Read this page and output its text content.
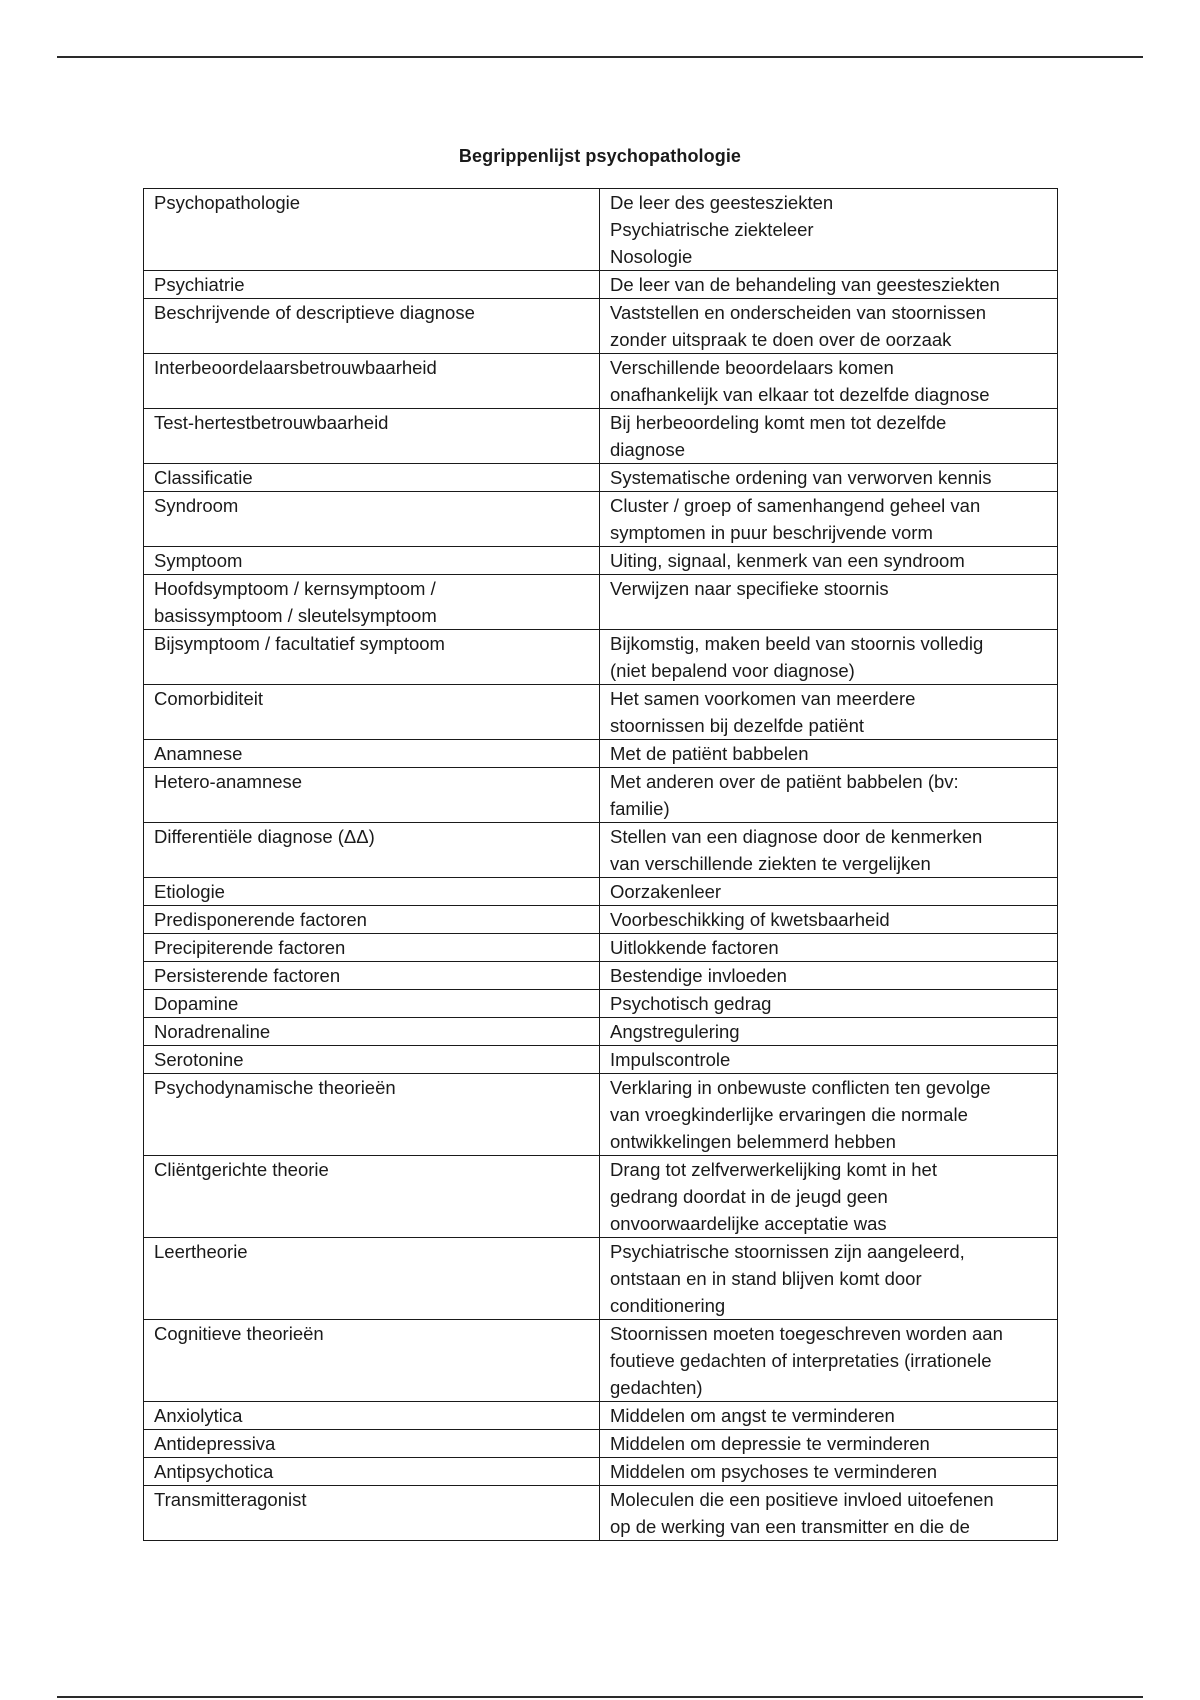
Begrippenlijst psychopathologie
Psychopathologie	De leer des geestesziekten
Psychiatrische ziekteleer
Nosologie
Psychiatrie	De leer van de behandeling van geestesziekten
Beschrijvende of descriptieve diagnose	Vaststellen en onderscheiden van stoornissen
zonder uitspraak te doen over de oorzaak
Interbeoordelaarsbetrouwbaarheid	Verschillende beoordelaars komen
onafhankelijk van elkaar tot dezelfde diagnose
Test-hertestbetrouwbaarheid	Bij herbeoordeling komt men tot dezelfde
diagnose
Classificatie	Systematische ordening van verworven kennis
Syndroom	Cluster / groep of samenhangend geheel van
symptomen in puur beschrijvende vorm
Symptoom	Uiting, signaal, kenmerk van een syndroom
Hoofdsymptoom / kernsymptoom /
basissymptoom / sleutelsymptoom	Verwijzen naar specifieke stoornis
Bijsymptoom / facultatief symptoom	Bijkomstig, maken beeld van stoornis volledig
(niet bepalend voor diagnose)
Comorbiditeit	Het samen voorkomen van meerdere
stoornissen bij dezelfde patiënt
Anamnese	Met de patiënt babbelen
Hetero-anamnese	Met anderen over de patiënt babbelen (bv:
familie)
Differentiële diagnose (ΔΔ)	Stellen van een diagnose door de kenmerken
van verschillende ziekten te vergelijken
Etiologie	Oorzakenleer
Predisponerende factoren	Voorbeschikking of kwetsbaarheid
Precipiterende factoren	Uitlokkende factoren
Persisterende factoren	Bestendige invloeden
Dopamine	Psychotisch gedrag
Noradrenaline	Angstregulering
Serotonine	Impulscontrole
Psychodynamische theorieën	Verklaring in onbewuste conflicten ten gevolge
van vroegkinderlijke ervaringen die normale
ontwikkelingen belemmerd hebben
Cliëntgerichte theorie	Drang tot zelfverwerkelijking komt in het
gedrang doordat in de jeugd geen
onvoorwaardelijke acceptatie was
Leertheorie	Psychiatrische stoornissen zijn aangeleerd,
ontstaan en in stand blijven komt door
conditionering
Cognitieve theorieën	Stoornissen moeten toegeschreven worden aan
foutieve gedachten of interpretaties (irrationele
gedachten)
Anxiolytica	Middelen om angst te verminderen
Antidepressiva	Middelen om depressie te verminderen
Antipsychotica	Middelen om psychoses te verminderen
Transmitteragonist	Moleculen die een positieve invloed uitoefenen
op de werking van een transmitter en die de
